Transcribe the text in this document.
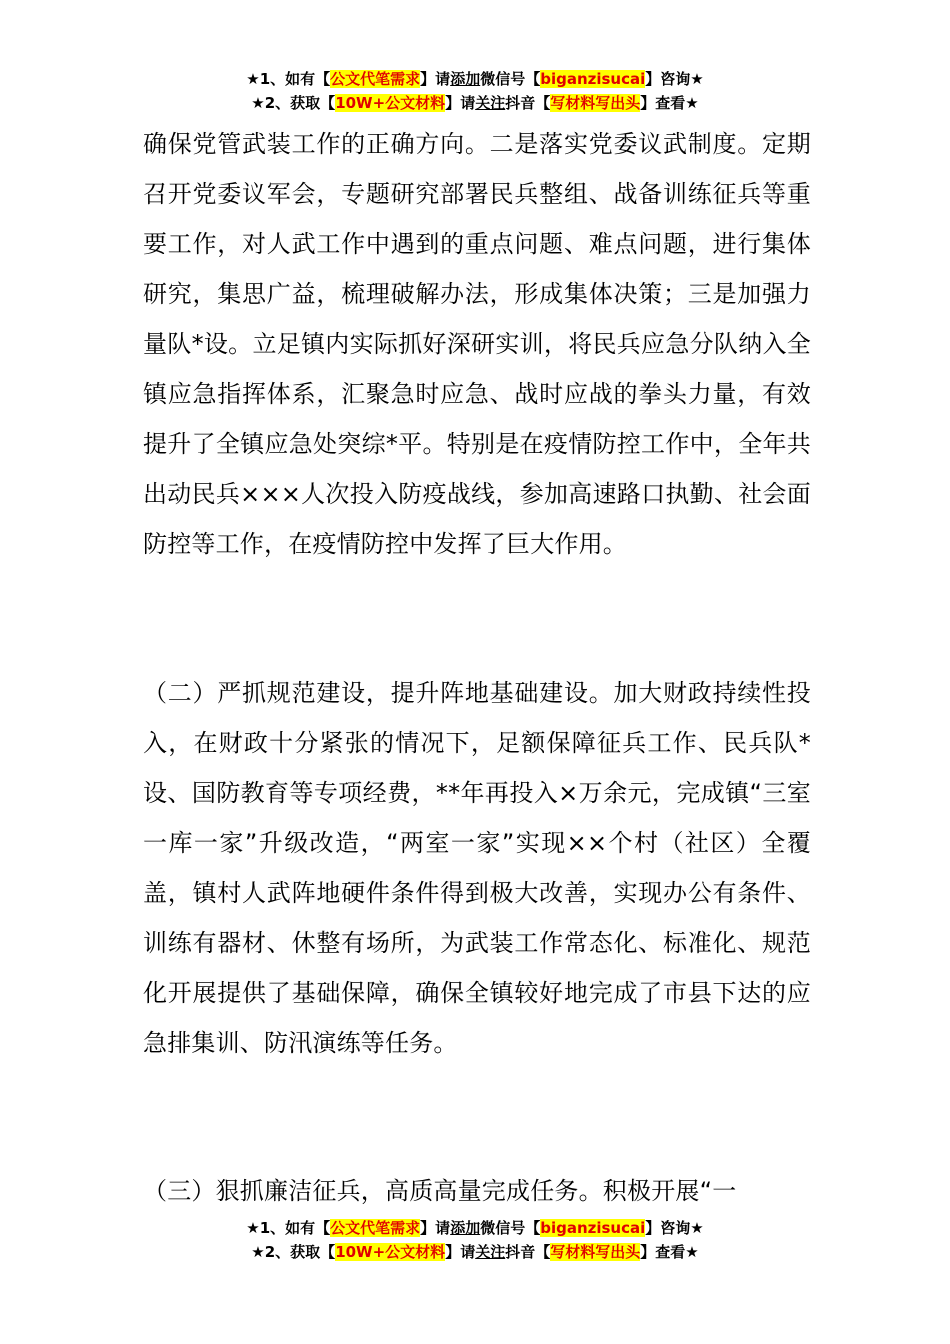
★1、如有【公文代笔需求】请添加微信号【biganzisucai】咨询★
★2、获取【10W+公文材料】请关注抖音【写材料写出头】查看★

确保党管武装工作的正确方向。二是落实党委议武制度。定期召开党委议军会，专题研究部署民兵整组、战备训练征兵等重要工作，对人武工作中遇到的重点问题、难点问题，进行集体研究，集思广益，梳理破解办法，形成集体决策；三是加强力量队*设。立足镇内实际抓好深研实训，将民兵应急分队纳入全镇应急指挥体系，汇聚急时应急、战时应战的拳头力量，有效提升了全镇应急处突综*平。特别是在疫情防控工作中，全年共出动民兵×××人次投入防疫战线，参加高速路口执勤、社会面防控等工作，在疫情防控中发挥了巨大作用。

（二）严抓规范建设，提升阵地基础建设。加大财政持续性投入，在财政十分紧张的情况下，足额保障征兵工作、民兵队*设、国防教育等专项经费，**年再投入×万余元，完成镇“三室一库一家”升级改造，“两室一家”实现××个村（社区）全覆盖，镇村人武阵地硬件条件得到极大改善，实现办公有条件、训练有器材、休整有场所，为武装工作常态化、标准化、规范化开展提供了基础保障，确保全镇较好地完成了市县下达的应急排集训、防汛演练等任务。

（三）狠抓廉洁征兵，高质高量完成任务。积极开展“一

★1、如有【公文代笔需求】请添加微信号【biganzisucai】咨询★
★2、获取【10W+公文材料】请关注抖音【写材料写出头】查看★
